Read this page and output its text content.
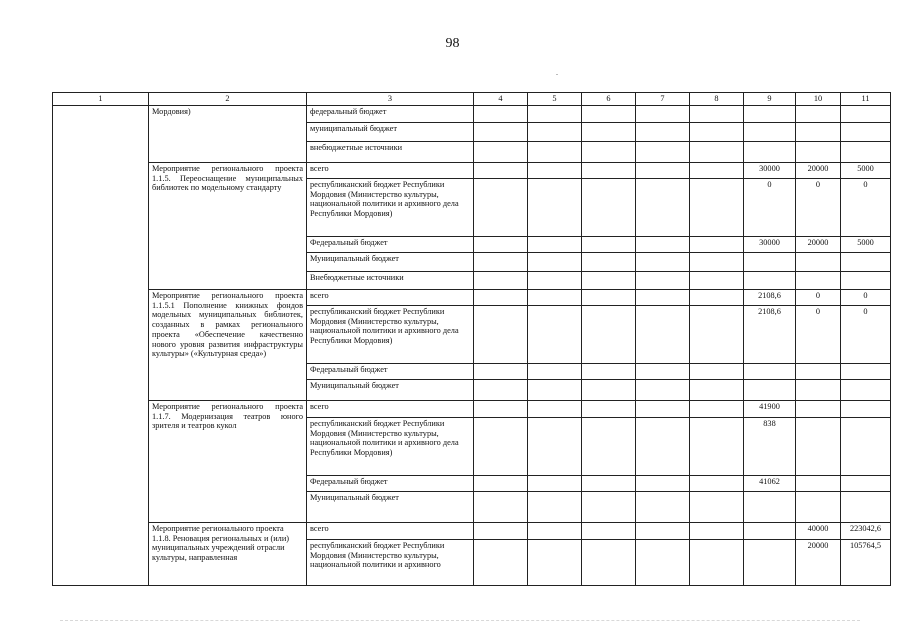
98
1	2	3	4	5	6	7	8	9	10	11
	Мордовия)	федеральный бюджет								
		муниципальный бюджет								
		внебюджетные источники								
	Мероприятие регионального проекта 1.1.5. Переоснащение муниципальных библиотек по модельному стандарту	всего						30000	20000	5000
		республиканский бюджет Республики Мордовия (Министерство культуры, национальной политики и архивного дела Республики Мордовия)						0	0	0
		Федеральный бюджет						30000	20000	5000
		Муниципальный бюджет								
		Внебюджетные источники								
	Мероприятие регионального проекта 1.1.5.1 Пополнение книжных фондов модельных муниципальных библиотек, созданных в рамках регионального проекта «Обеспечение качественно нового уровня развития инфраструктуры культуры» («Культурная среда»)	всего						2108,6	0	0
		республиканский бюджет Республики Мордовия (Министерство культуры, национальной политики и архивного дела Республики Мордовия)						2108,6	0	0
		Федеральный бюджет								
		Муниципальный бюджет								
	Мероприятие регионального проекта 1.1.7. Модернизация театров юного зрителя и театров кукол	всего						41900		
		республиканский бюджет Республики Мордовия (Министерство культуры, национальной политики и архивного дела Республики Мордовия)						838		
		Федеральный бюджет						41062		
		Муниципальный бюджет								
	Мероприятие регионального проекта 1.1.8. Реновация региональных и (или) муниципальных учреждений отрасли культуры, направленная	всего							40000	223042,6
		республиканский бюджет Республики Мордовия (Министерство культуры, национальной политики и архивного							20000	105764,5
